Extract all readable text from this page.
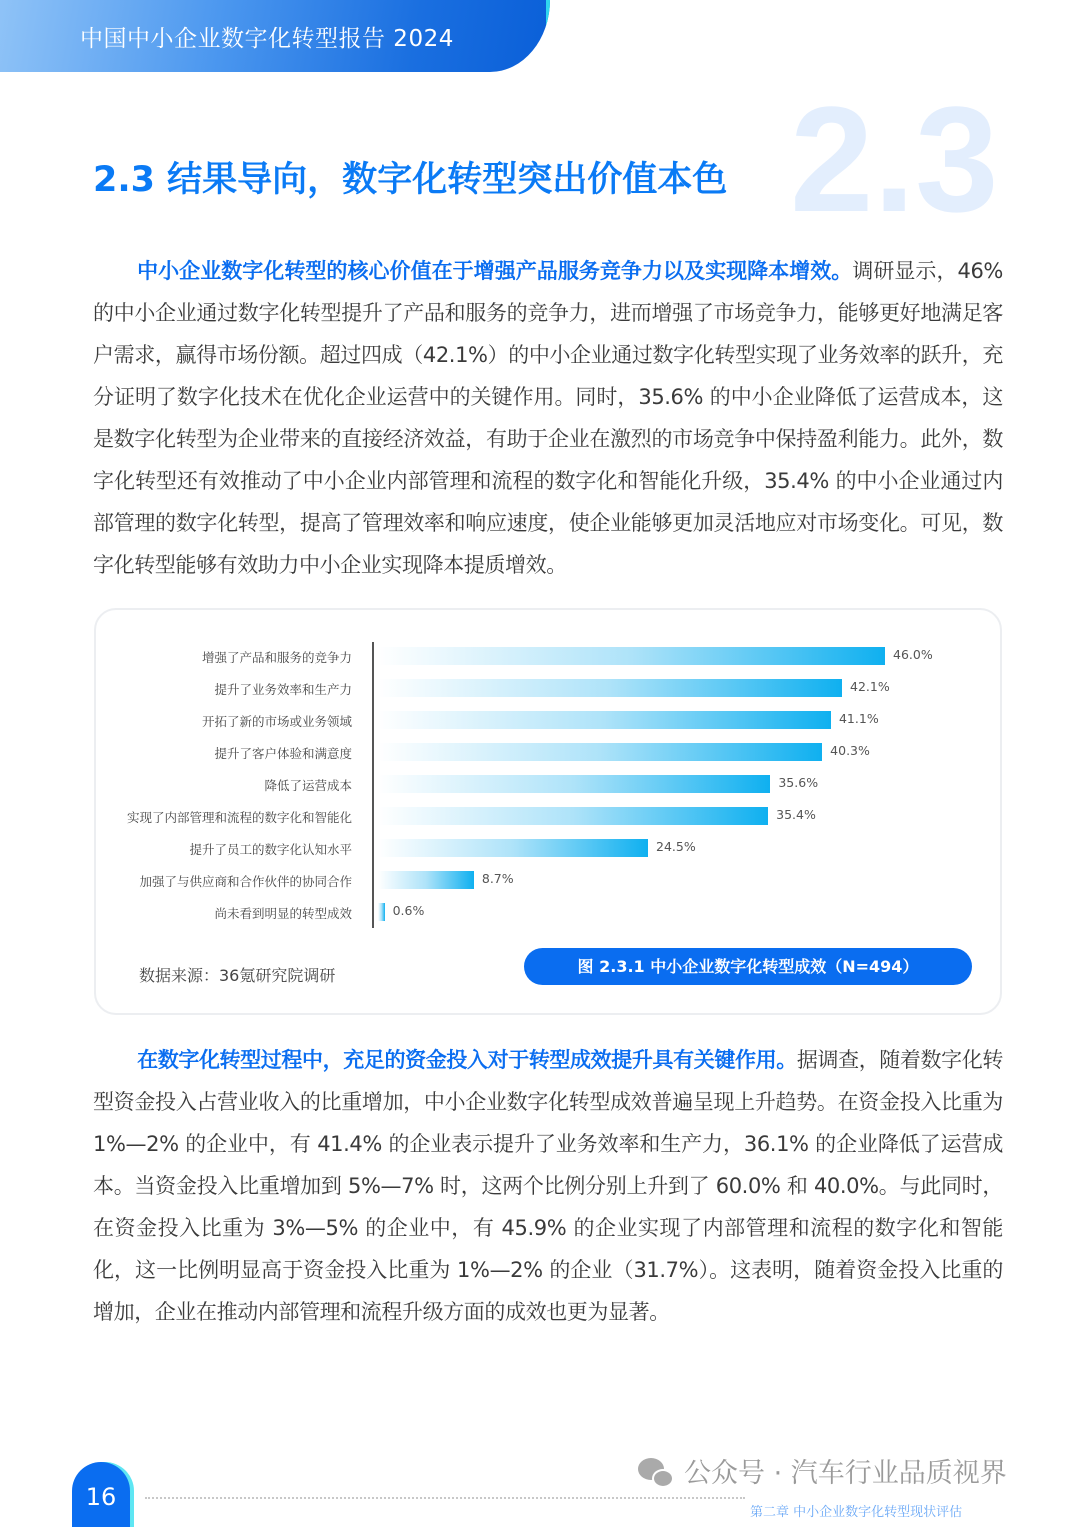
中国中小企业数字化转型报告 2024
2.3
2.3 结果导向，数字化转型突出价值本色

中小企业数字化转型的核心价值在于增强产品服务竞争力以及实现降本增效。调研显示，46% 的中小企业通过数字化转型提升了产品和服务的竞争力，进而增强了市场竞争力，能够更好地满足客户需求，赢得市场份额。超过四成（42.1%）的中小企业通过数字化转型实现了业务效率的跃升，充分证明了数字化技术在优化企业运营中的关键作用。同时，35.6% 的中小企业降低了运营成本，这是数字化转型为企业带来的直接经济效益，有助于企业在激烈的市场竞争中保持盈利能力。此外，数字化转型还有效推动了中小企业内部管理和流程的数字化和智能化升级，35.4% 的中小企业通过内部管理的数字化转型，提高了管理效率和响应速度，使企业能够更加灵活地应对市场变化。可见，数字化转型能够有效助力中小企业实现降本提质增效。

增强了产品和服务的竞争力	46.0%
提升了业务效率和生产力	42.1%
开拓了新的市场或业务领域	41.1%
提升了客户体验和满意度	40.3%
降低了运营成本	35.6%
实现了内部管理和流程的数字化和智能化	35.4%
提升了员工的数字化认知水平	24.5%
加强了与供应商和合作伙伴的协同合作	8.7%
尚未看到明显的转型成效	0.6%
数据来源：36氪研究院调研	图 2.3.1 中小企业数字化转型成效（N=494）

在数字化转型过程中，充足的资金投入对于转型成效提升具有关键作用。据调查，随着数字化转型资金投入占营业收入的比重增加，中小企业数字化转型成效普遍呈现上升趋势。在资金投入比重为 1%—2% 的企业中，有 41.4% 的企业表示提升了业务效率和生产力，36.1% 的企业降低了运营成本。当资金投入比重增加到 5%—7% 时，这两个比例分别上升到了 60.0% 和 40.0%。与此同时，在资金投入比重为 3%—5% 的企业中，有 45.9% 的企业实现了内部管理和流程的数字化和智能化，这一比例明显高于资金投入比重为 1%—2% 的企业（31.7%）。这表明，随着资金投入比重的增加，企业在推动内部管理和流程升级方面的成效也更为显著。

16
公众号 · 汽车行业品质视界
第二章 中小企业数字化转型现状评估
